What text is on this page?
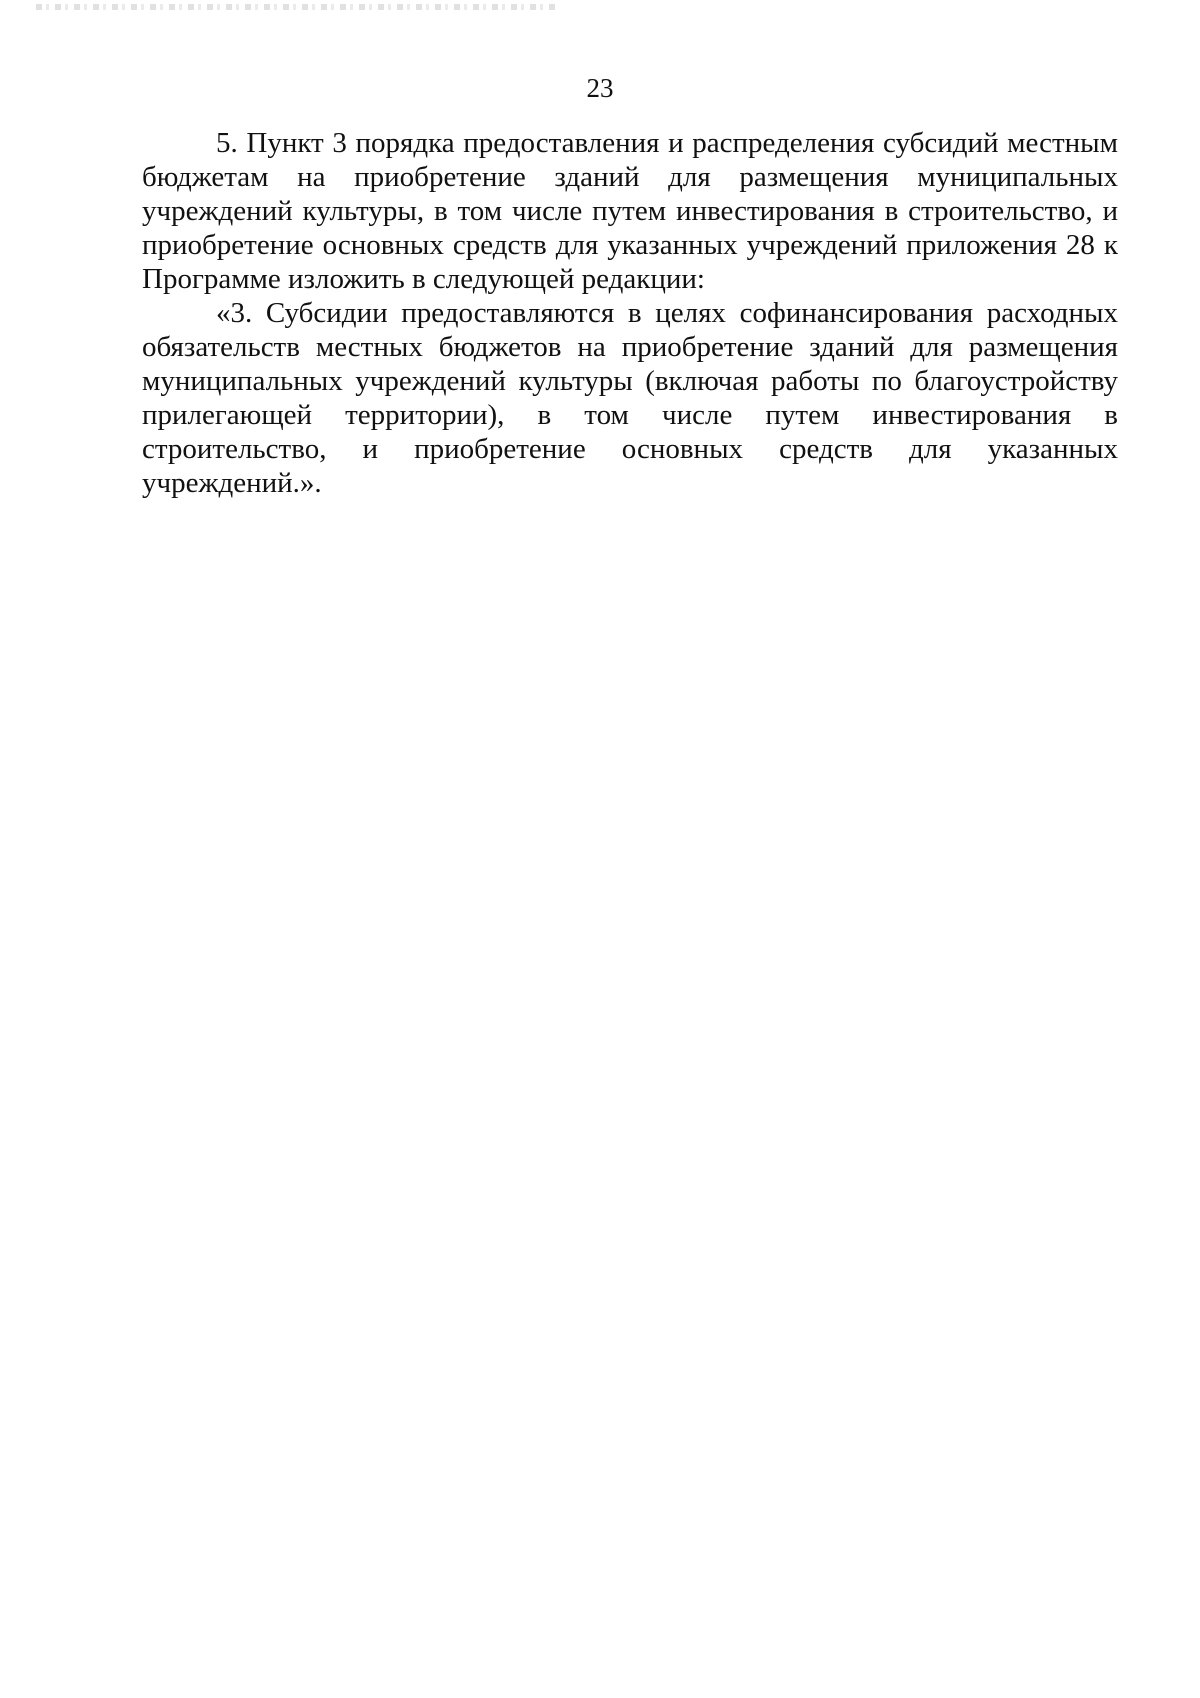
23

5. Пункт 3 порядка предоставления и распределения субсидий местным бюджетам на приобретение зданий для размещения муниципальных учреждений культуры, в том числе путем инвестирования в строительство, и приобретение основных средств для указанных учреждений приложения 28 к Программе изложить в следующей редакции:

«3. Субсидии предоставляются в целях софинансирования расходных обязательств местных бюджетов на приобретение зданий для размещения муниципальных учреждений культуры (включая работы по благоустройству прилегающей территории), в том числе путем инвестирования в строительство, и приобретение основных средств для указанных учреждений.».
